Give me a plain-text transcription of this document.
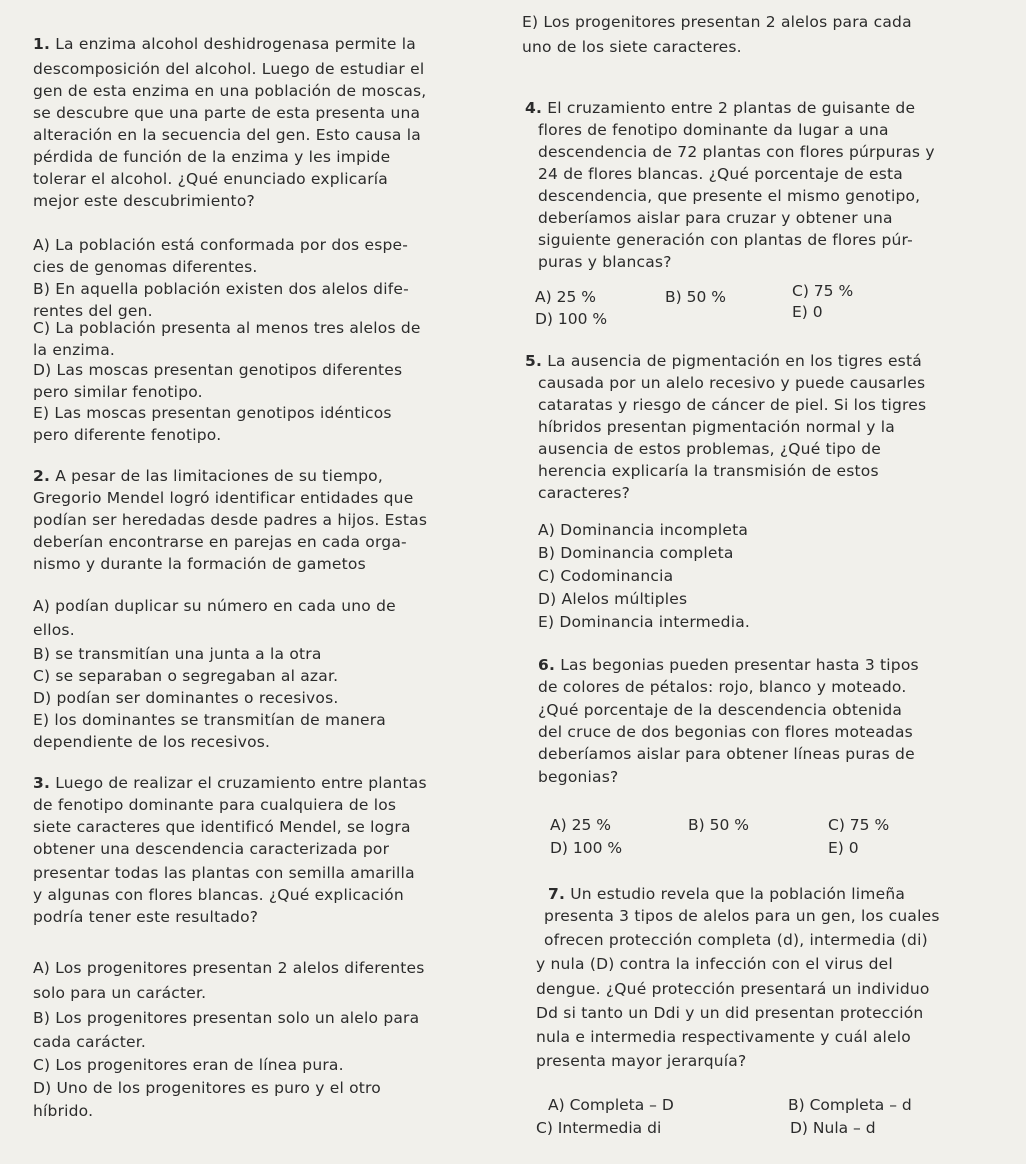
1. La enzima alcohol deshidrogenasa permite la
descomposición del alcohol. Luego de estudiar el
gen de esta enzima en una población de moscas,
se descubre que una parte de esta presenta una
alteración en la secuencia del gen. Esto causa la
pérdida de función de la enzima y les impide
tolerar el alcohol. ¿Qué enunciado explicaría
mejor este descubrimiento?
A) La población está conformada por dos espe-
cies de genomas diferentes.
B) En aquella población existen dos alelos dife-
rentes del gen.
C) La población presenta al menos tres alelos de
la enzima.
D) Las moscas presentan genotipos diferentes
pero similar fenotipo.
E) Las moscas presentan genotipos idénticos
pero diferente fenotipo.
2. A pesar de las limitaciones de su tiempo,
Gregorio Mendel logró identificar entidades que
podían ser heredadas desde padres a hijos. Estas
deberían encontrarse en parejas en cada orga-
nismo y durante la formación de gametos
A) podían duplicar su número en cada uno de
ellos.
B) se transmitían una junta a la otra
C) se separaban o segregaban al azar.
D) podían ser dominantes o recesivos.
E) los dominantes se transmitían de manera
dependiente de los recesivos.
3. Luego de realizar el cruzamiento entre plantas
de fenotipo dominante para cualquiera de los
siete caracteres que identificó Mendel, se logra
obtener una descendencia caracterizada por
presentar todas las plantas con semilla amarilla
y algunas con flores blancas. ¿Qué explicación
podría tener este resultado?
A) Los progenitores presentan 2 alelos diferentes
solo para un carácter.
B) Los progenitores presentan solo un alelo para
cada carácter.
C) Los progenitores eran de línea pura.
D) Uno de los progenitores es puro y el otro
híbrido.
E) Los progenitores presentan 2 alelos para cada
uno de los siete caracteres.
4. El cruzamiento entre 2 plantas de guisante de
flores de fenotipo dominante da lugar a una
descendencia de 72 plantas con flores púrpuras y
24 de flores blancas. ¿Qué porcentaje de esta
descendencia, que presente el mismo genotipo,
deberíamos aislar para cruzar y obtener una
siguiente generación con plantas de flores púr-
puras y blancas?
A) 25 %	B) 50 %	C) 75 %
D) 100 %	E) 0
5. La ausencia de pigmentación en los tigres está
causada por un alelo recesivo y puede causarles
cataratas y riesgo de cáncer de piel. Si los tigres
híbridos presentan pigmentación normal y la
ausencia de estos problemas, ¿Qué tipo de
herencia explicaría la transmisión de estos
caracteres?
A) Dominancia incompleta
B) Dominancia completa
C) Codominancia
D) Alelos múltiples
E) Dominancia intermedia.
6. Las begonias pueden presentar hasta 3 tipos
de colores de pétalos: rojo, blanco y moteado.
¿Qué porcentaje de la descendencia obtenida
del cruce de dos begonias con flores moteadas
deberíamos aislar para obtener líneas puras de
begonias?
A) 25 %	B) 50 %	C) 75 %
D) 100 %	E) 0
7. Un estudio revela que la población limeña
presenta 3 tipos de alelos para un gen, los cuales
ofrecen protección completa (d), intermedia (di)
y nula (D) contra la infección con el virus del
dengue. ¿Qué protección presentará un individuo
Dd si tanto un Ddi y un did presentan protección
nula e intermedia respectivamente y cuál alelo
presenta mayor jerarquía?
A) Completa – D	B) Completa – d
C) Intermedia di	D) Nula – d
